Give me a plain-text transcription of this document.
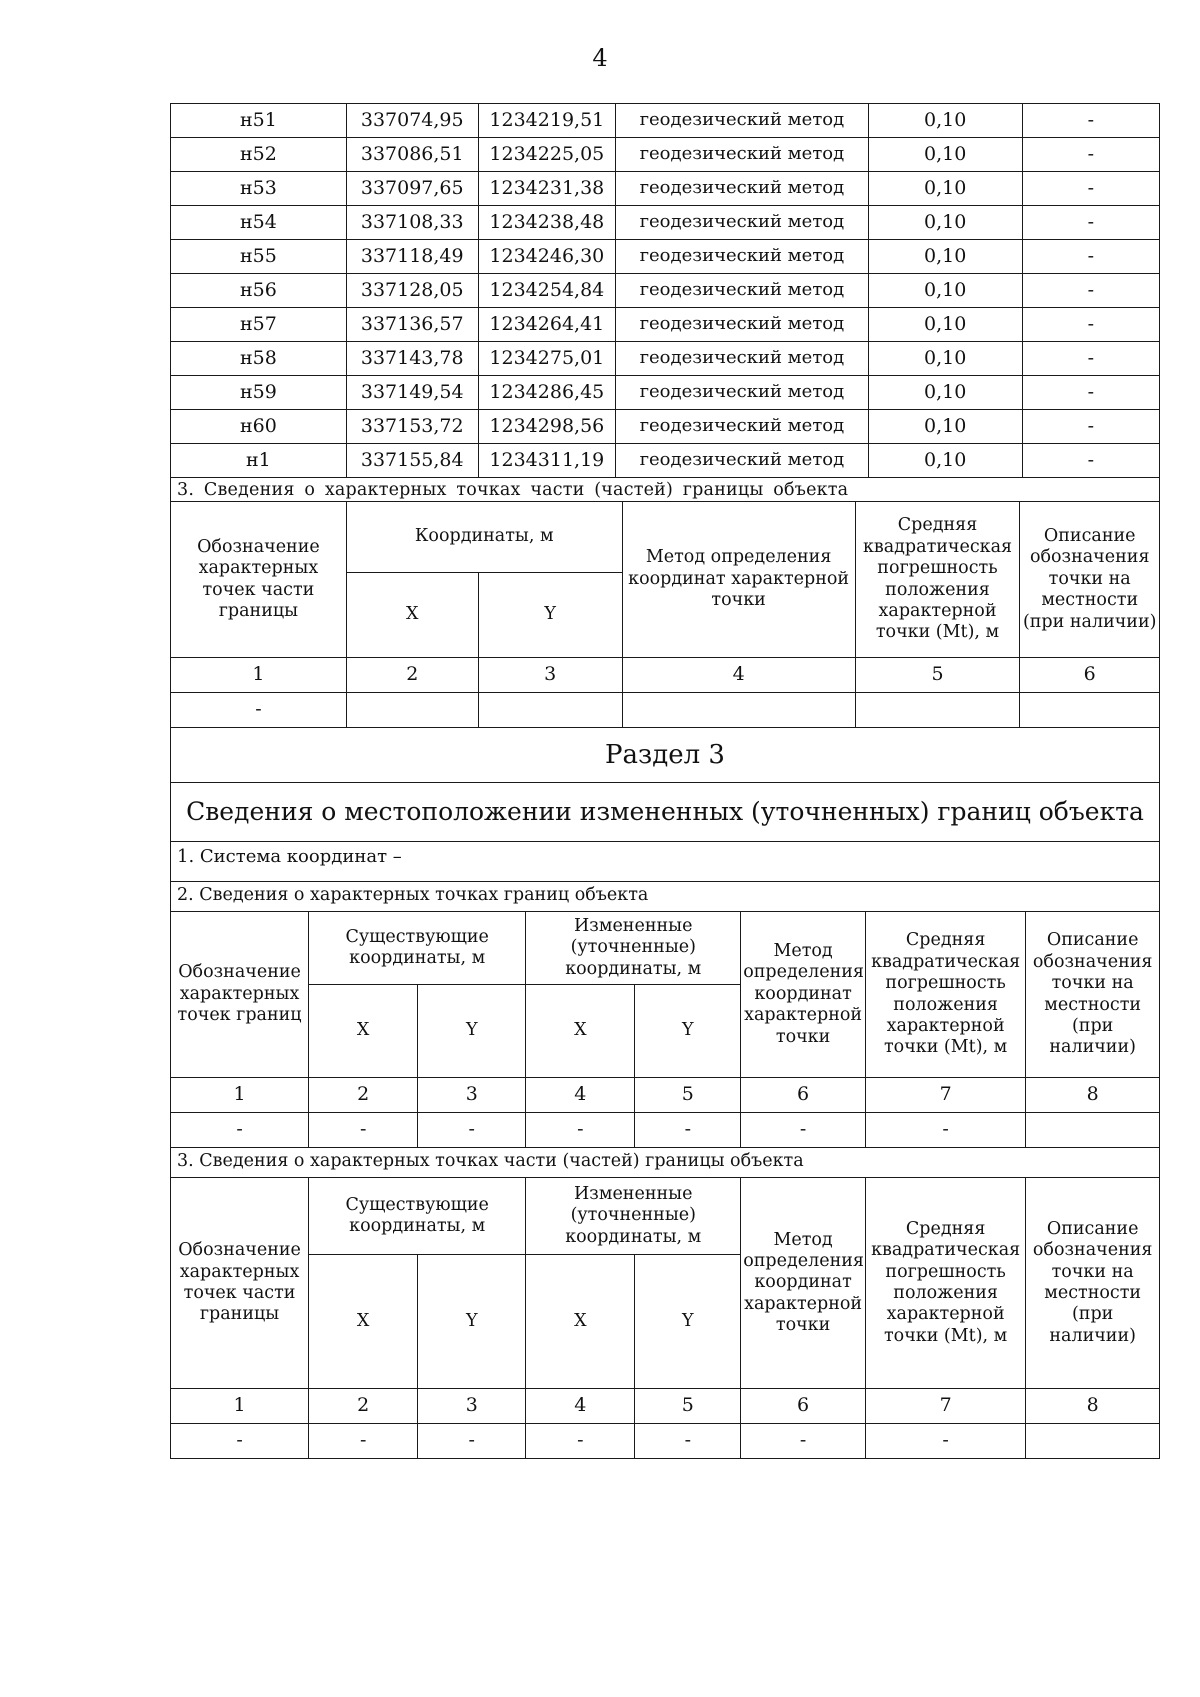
4
н51	337074,95	1234219,51	геодезический метод	0,10	-
н52	337086,51	1234225,05	геодезический метод	0,10	-
н53	337097,65	1234231,38	геодезический метод	0,10	-
н54	337108,33	1234238,48	геодезический метод	0,10	-
н55	337118,49	1234246,30	геодезический метод	0,10	-
н56	337128,05	1234254,84	геодезический метод	0,10	-
н57	337136,57	1234264,41	геодезический метод	0,10	-
н58	337143,78	1234275,01	геодезический метод	0,10	-
н59	337149,54	1234286,45	геодезический метод	0,10	-
н60	337153,72	1234298,56	геодезический метод	0,10	-
н1	337155,84	1234311,19	геодезический метод	0,10	-
3. Сведения о характерных точках части (частей) границы объекта
Обозначение характерных точек части границы	Координаты, м		Метод определения координат характерной точки	Средняя квадратическая погрешность положения характерной точки (Mt), м	Описание обозначения точки на местности (при наличии)
	X	Y			
1	2	3	4	5	6
-					
Раздел 3
Сведения о местоположении измененных (уточненных) границ объекта
1. Система координат –
2. Сведения о характерных точках границ объекта
Обозначение характерных точек границ	Существующие координаты, м		Измененные (уточненные) координаты, м		Метод определения координат характерной точки	Средняя квадратическая погрешность положения характерной точки (Mt), м	Описание обозначения точки на местности (при наличии)
	X	Y	X	Y			
1	2	3	4	5	6	7	8
-	-	-	-	-	-	-	
3. Сведения о характерных точках части (частей) границы объекта
Обозначение характерных точек части границы	Существующие координаты, м		Измененные (уточненные) координаты, м		Метод определения координат характерной точки	Средняя квадратическая погрешность положения характерной точки (Mt), м	Описание обозначения точки на местности (при наличии)
	X	Y	X	Y			
1	2	3	4	5	6	7	8
-	-	-	-	-	-	-	
